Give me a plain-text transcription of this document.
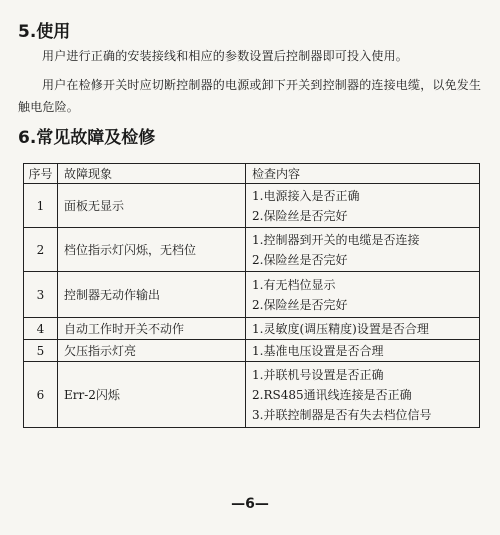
5.使用

用户进行正确的安装接线和相应的参数设置后控制器即可投入使用。

用户在检修开关时应切断控制器的电源或卸下开关到控制器的连接电缆，以免发生触电危险。

6.常见故障及检修
序号	故障现象	检查内容
1	面板无显示	1.电源接入是否正确
2.保险丝是否完好

2	档位指示灯闪烁，无档位	1.控制器到开关的电缆是否连接
2.保险丝是否完好

3	控制器无动作输出	1.有无档位显示
2.保险丝是否完好

4	自动工作时开关不动作	1.灵敏度(调压精度)设置是否合理

5	欠压指示灯亮	1.基准电压设置是否合理

6	Err-2闪烁	1.并联机号设置是否正确
2.RS485通讯线连接是否正确
3.并联控制器是否有失去档位信号

—6—
